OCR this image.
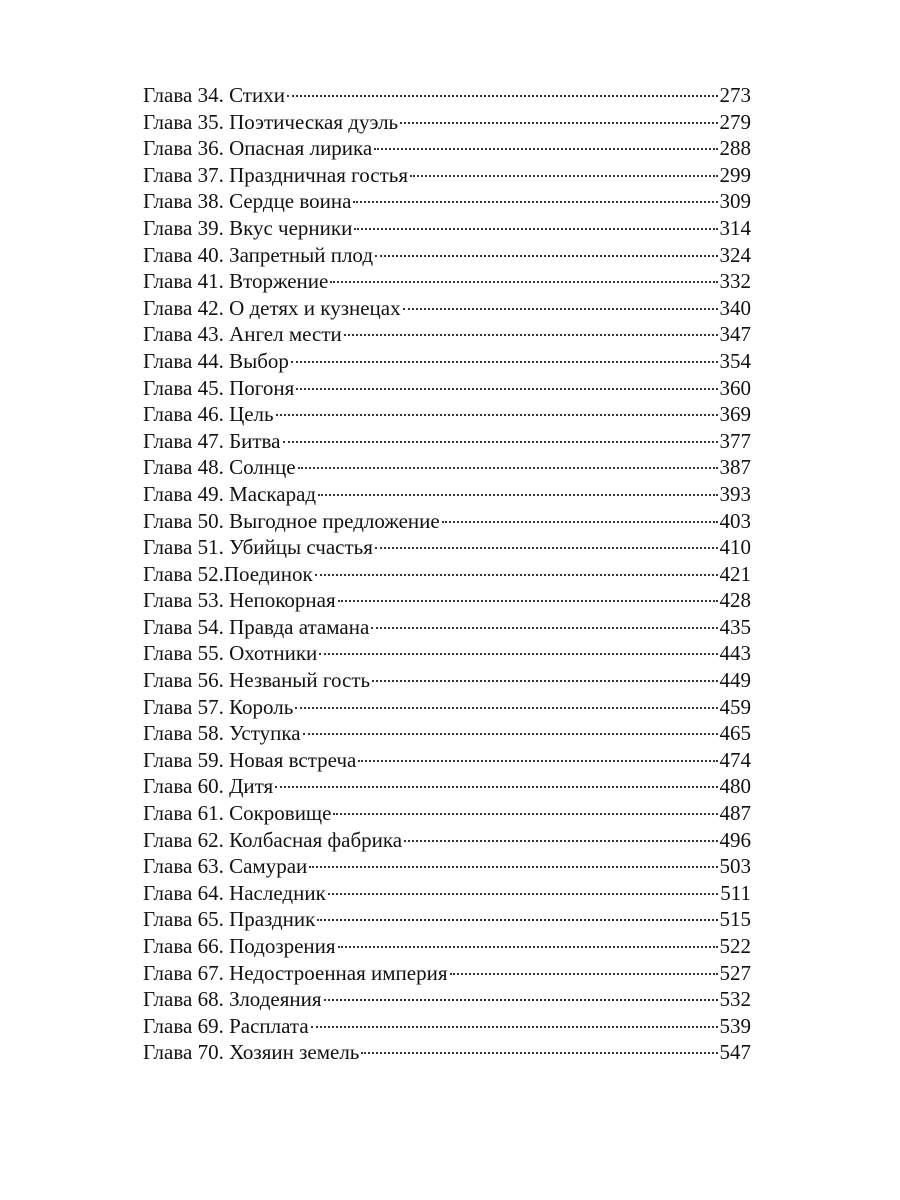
Глава 34. Стихи	273
Глава 35. Поэтическая дуэль	279
Глава 36. Опасная лирика	288
Глава 37. Праздничная гостья	299
Глава 38. Сердце воина	309
Глава 39. Вкус черники	314
Глава 40. Запретный плод	324
Глава 41. Вторжение	332
Глава 42. О детях и кузнецах	340
Глава 43. Ангел мести	347
Глава 44. Выбор	354
Глава 45. Погоня	360
Глава 46. Цель	369
Глава 47. Битва	377
Глава 48. Солнце	387
Глава 49. Маскарад	393
Глава 50. Выгодное предложение	403
Глава 51. Убийцы счастья	410
Глава 52.Поединок	421
Глава 53. Непокорная	428
Глава 54. Правда атамана	435
Глава 55. Охотники	443
Глава 56. Незваный гость	449
Глава 57. Король	459
Глава 58. Уступка	465
Глава 59. Новая встреча	474
Глава 60. Дитя	480
Глава 61. Сокровище	487
Глава 62. Колбасная фабрика	496
Глава 63. Самураи	503
Глава 64. Наследник	511
Глава 65. Праздник	515
Глава 66. Подозрения	522
Глава 67. Недостроенная империя	527
Глава 68. Злодеяния	532
Глава 69. Расплата	539
Глава 70. Хозяин земель	547
